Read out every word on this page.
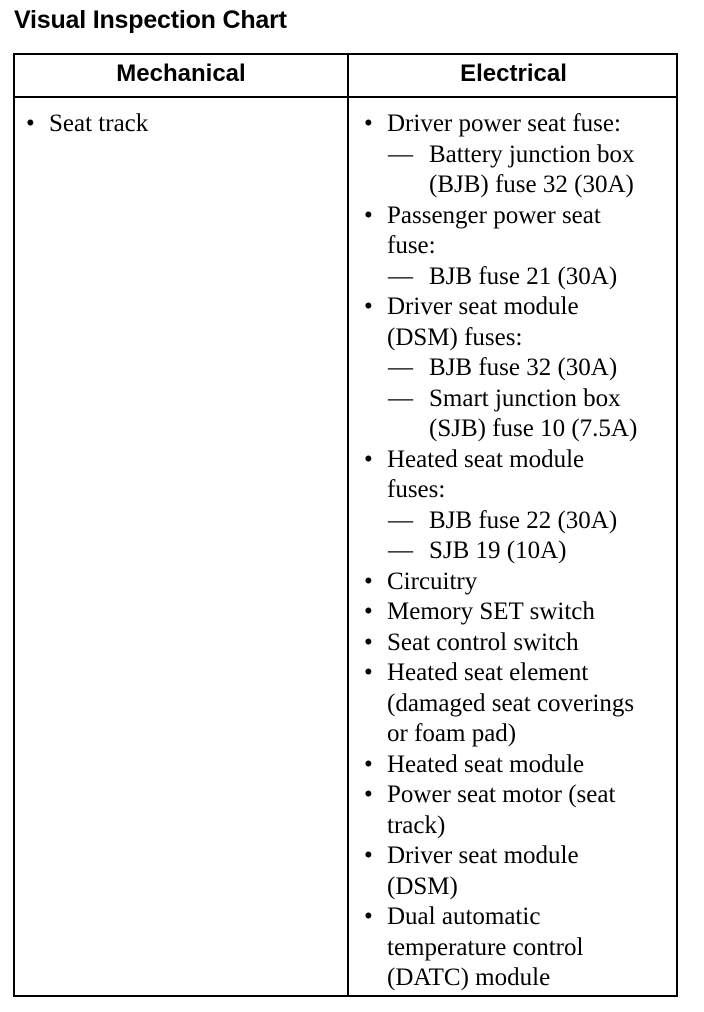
Visual Inspection Chart
Mechanical	Electrical
• Seat track	• Driver power seat fuse:
— Battery junction box
(BJB) fuse 32 (30A)
• Passenger power seat
fuse:
— BJB fuse 21 (30A)
• Driver seat module
(DSM) fuses:
— BJB fuse 32 (30A)
— Smart junction box
(SJB) fuse 10 (7.5A)
• Heated seat module
fuses:
— BJB fuse 22 (30A)
— SJB 19 (10A)
• Circuitry
• Memory SET switch
• Seat control switch
• Heated seat element
(damaged seat coverings
or foam pad)
• Heated seat module
• Power seat motor (seat
track)
• Driver seat module
(DSM)
• Dual automatic
temperature control
(DATC) module
